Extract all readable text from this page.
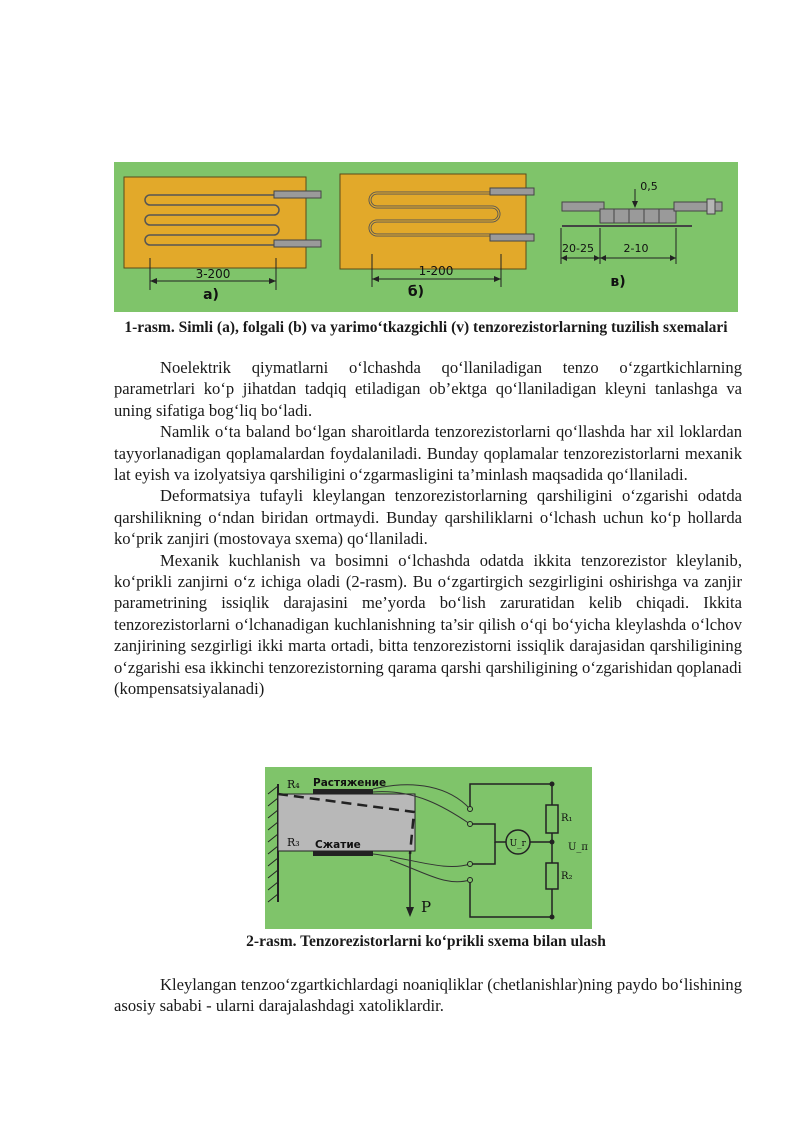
3-200
а)
1-200
б)
0,5
20-25	2-10
в)
1-rasm. Simli (a), folgali (b) va yarimo‘tkazgichli (v) tenzorezistorlarning tuzilish sxemalari

Noelektrik qiymatlarni o‘lchashda qo‘llaniladigan tenzo o‘zgartkichlarning parametrlari ko‘p jihatdan tadqiq etiladigan ob’ektga qo‘llaniladigan kleyni tanlashga va uning sifatiga bog‘liq bo‘ladi.

Namlik o‘ta baland bo‘lgan sharoitlarda tenzorezistorlarni qo‘llashda har xil loklardan tayyorlanadigan qoplamalardan foydalaniladi. Bunday qoplamalar tenzorezistorlarni mexanik lat eyish va izolyatsiya qarshiligini o‘zgarmasligini ta’minlash maqsadida qo‘llaniladi.

Deformatsiya tufayli kleylangan tenzorezistorlarning qarshiligini o‘zgarishi odatda qarshilikning o‘ndan biridan ortmaydi. Bunday qarshiliklarni o‘lchash uchun ko‘p hollarda ko‘prik zanjiri (mostovaya sxema) qo‘llaniladi.

Mexanik kuchlanish va bosimni o‘lchashda odatda ikkita tenzorezistor kleylanib, ko‘prikli zanjirni o‘z ichiga oladi (2-rasm). Bu o‘zgartirgich sezgirligini oshirishga va zanjir parametrining issiqlik darajasini me’yorda bo‘lish zaruratidan kelib chiqadi. Ikkita tenzorezistorlarni o‘lchanadigan kuchlanishning ta’sir qilish o‘qi bo‘yicha kleylashda o‘lchov zanjirining sezgirligi ikki marta ortadi, bitta tenzorezistorni issiqlik darajasidan qarshiligining o‘zgarishi esa ikkinchi tenzorezistorning qarama qarshi qarshiligining o‘zgarishidan qoplanadi (kompensatsiyalanadi)

R₄ Растяжение
R₃ Сжатие
P
U_г
R₁
R₂
U_п
2-rasm. Tenzorezistorlarni ko‘prikli sxema bilan ulash

Kleylangan tenzoo‘zgartkichlardagi noaniqliklar (chetlanishlar)ning paydo bo‘lishining asosiy sababi - ularni darajalashdagi xatoliklardir.
